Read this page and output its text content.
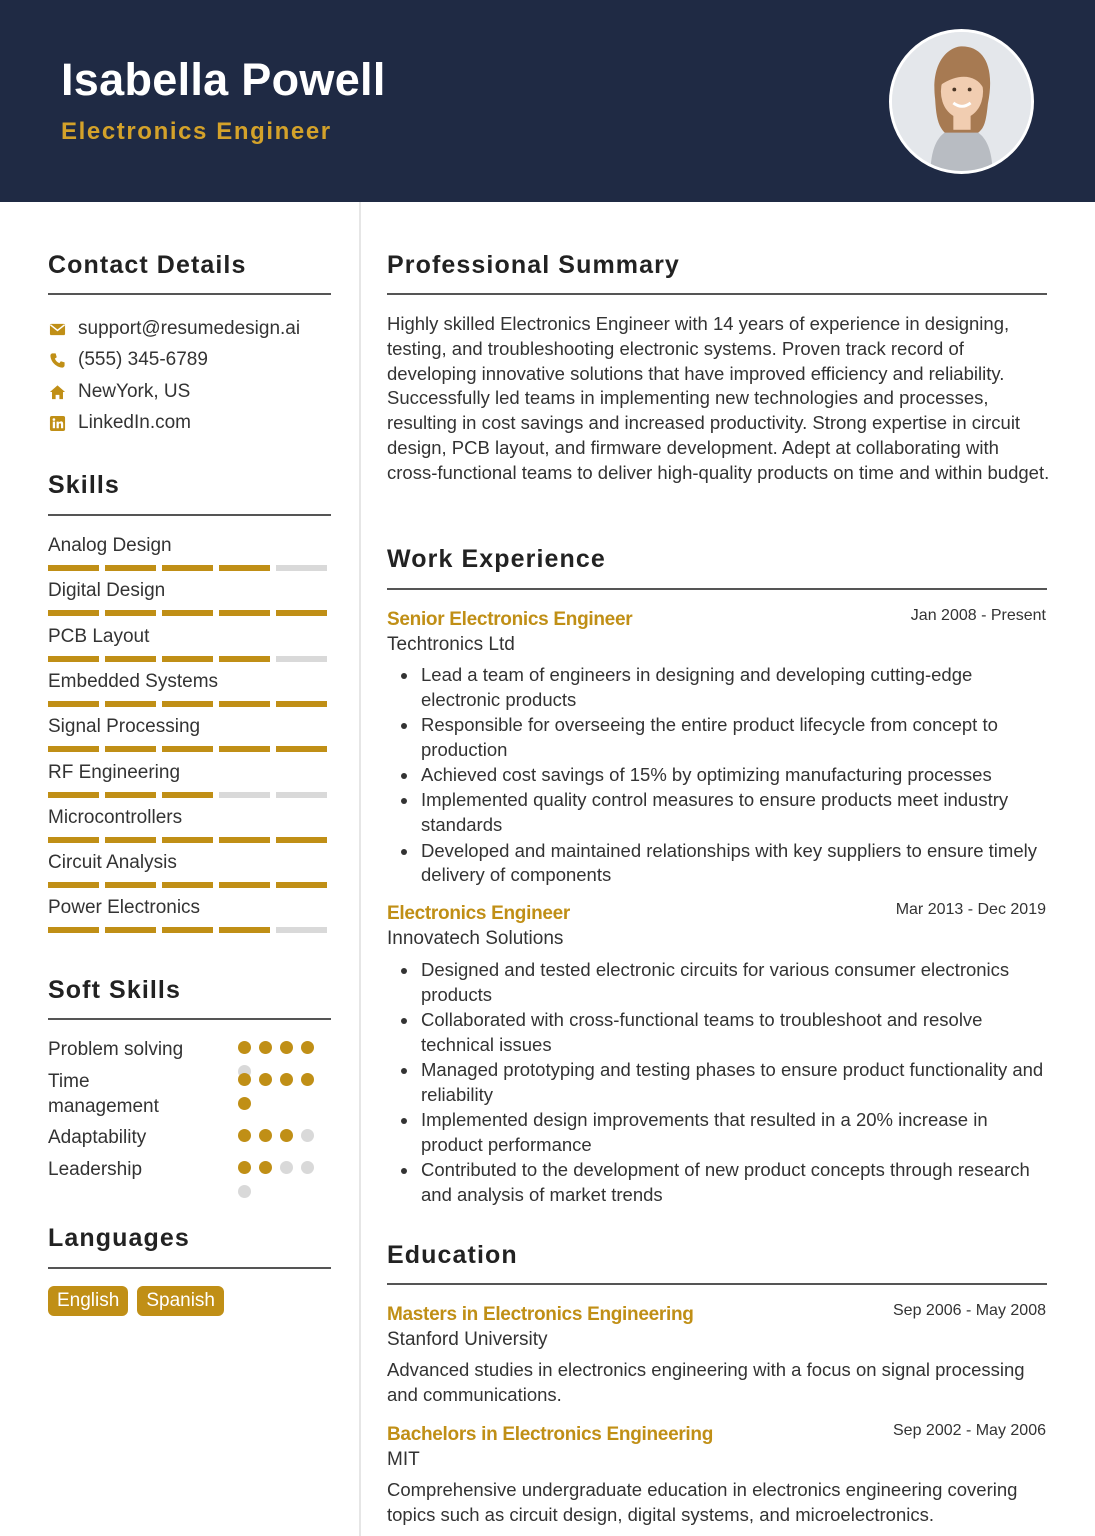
Isabella Powell
Electronics Engineer
Contact Details
support@resumedesign.ai
(555) 345-6789
NewYork, US
LinkedIn.com
Skills
Analog Design
Digital Design
PCB Layout
Embedded Systems
Signal Processing
RF Engineering
Microcontrollers
Circuit Analysis
Power Electronics
Soft Skills
Problem solving
Time management
Adaptability
Leadership
Languages
English	Spanish
Professional Summary

Highly skilled Electronics Engineer with 14 years of experience in designing, testing, and troubleshooting electronic systems. Proven track record of developing innovative solutions that have improved efficiency and reliability. Successfully led teams in implementing new technologies and processes, resulting in cost savings and increased productivity. Strong expertise in circuit design, PCB layout, and firmware development. Adept at collaborating with cross-functional teams to deliver high-quality products on time and within budget.

Work Experience
Senior Electronics Engineer	Jan 2008 - Present
Techtronics Ltd
Lead a team of engineers in designing and developing cutting-edge electronic products
Responsible for overseeing the entire product lifecycle from concept to production
Achieved cost savings of 15% by optimizing manufacturing processes
Implemented quality control measures to ensure products meet industry standards
Developed and maintained relationships with key suppliers to ensure timely delivery of components
Electronics Engineer	Mar 2013 - Dec 2019
Innovatech Solutions
Designed and tested electronic circuits for various consumer electronics products
Collaborated with cross-functional teams to troubleshoot and resolve technical issues
Managed prototyping and testing phases to ensure product functionality and reliability
Implemented design improvements that resulted in a 20% increase in product performance
Contributed to the development of new product concepts through research and analysis of market trends
Education
Masters in Electronics Engineering	Sep 2006 - May 2008
Stanford University

Advanced studies in electronics engineering with a focus on signal processing and communications.

Bachelors in Electronics Engineering	Sep 2002 - May 2006
MIT

Comprehensive undergraduate education in electronics engineering covering topics such as circuit design, digital systems, and microelectronics.
